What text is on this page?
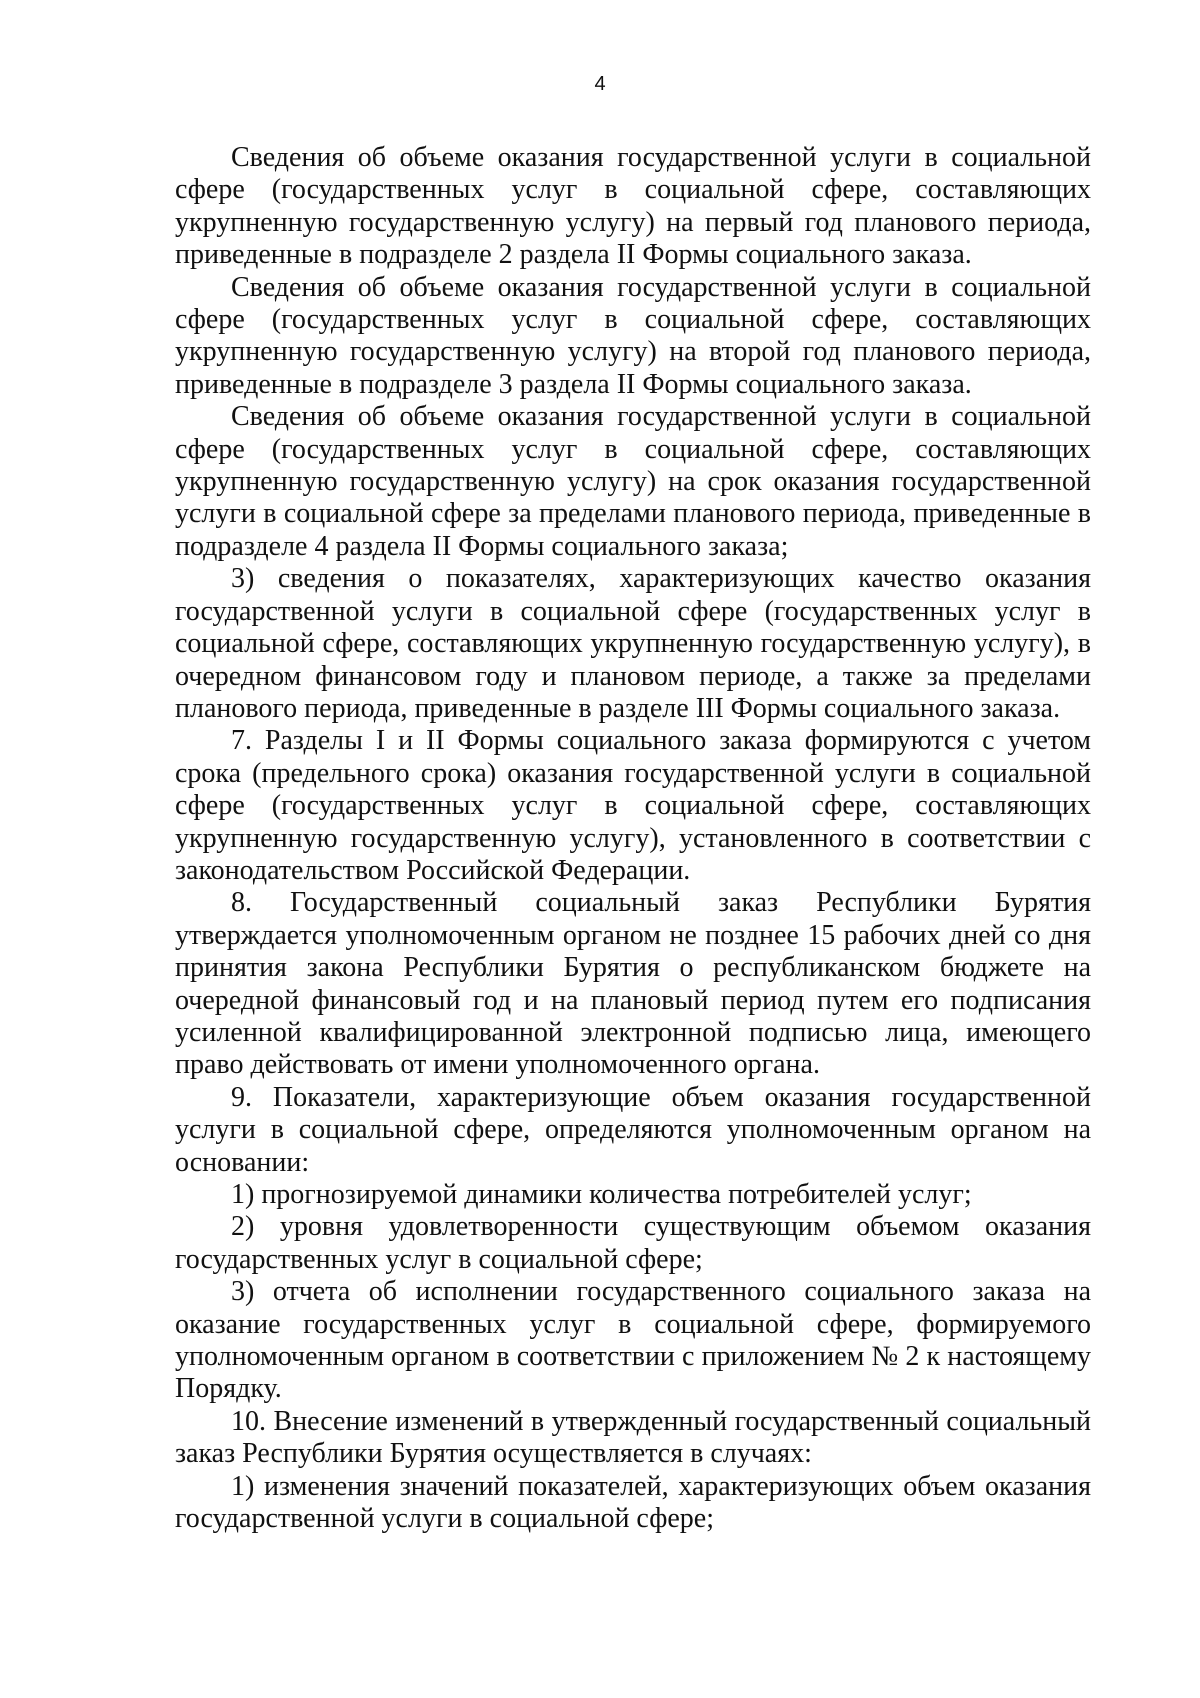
4

Сведения об объеме оказания государственной услуги в социальной сфере (государственных услуг в социальной сфере, составляющих укрупненную государственную услугу) на первый год планового периода, приведенные в подразделе 2 раздела II Формы социального заказа.

Сведения об объеме оказания государственной услуги в социальной сфере (государственных услуг в социальной сфере, составляющих укрупненную государственную услугу) на второй год планового периода, приведенные в подразделе 3 раздела II Формы социального заказа.

Сведения об объеме оказания государственной услуги в социальной сфере (государственных услуг в социальной сфере, составляющих укрупненную государственную услугу) на срок оказания государственной услуги в социальной сфере за пределами планового периода, приведенные в подразделе 4 раздела II Формы социального заказа;

3) сведения о показателях, характеризующих качество оказания государственной услуги в социальной сфере (государственных услуг в социальной сфере, составляющих укрупненную государственную услугу), в очередном финансовом году и плановом периоде, а также за пределами планового периода, приведенные в разделе III Формы социального заказа.

7. Разделы I и II Формы социального заказа формируются с учетом срока (предельного срока) оказания государственной услуги в социальной сфере (государственных услуг в социальной сфере, составляющих укрупненную государственную услугу), установленного в соответствии с законодательством Российской Федерации.

8. Государственный социальный заказ Республики Бурятия утверждается уполномоченным органом не позднее 15 рабочих дней со дня принятия закона Республики Бурятия о республиканском бюджете на очередной финансовый год и на плановый период путем его подписания усиленной квалифицированной электронной подписью лица, имеющего право действовать от имени уполномоченного органа.

9. Показатели, характеризующие объем оказания государственной услуги в социальной сфере, определяются уполномоченным органом на основании:

1) прогнозируемой динамики количества потребителей услуг;

2) уровня удовлетворенности существующим объемом оказания государственных услуг в социальной сфере;

3) отчета об исполнении государственного социального заказа на оказание государственных услуг в социальной сфере, формируемого уполномоченным органом в соответствии с приложением № 2 к настоящему Порядку.

10. Внесение изменений в утвержденный государственный социальный заказ Республики Бурятия осуществляется в случаях:

1) изменения значений показателей, характеризующих объем оказания государственной услуги в социальной сфере;
